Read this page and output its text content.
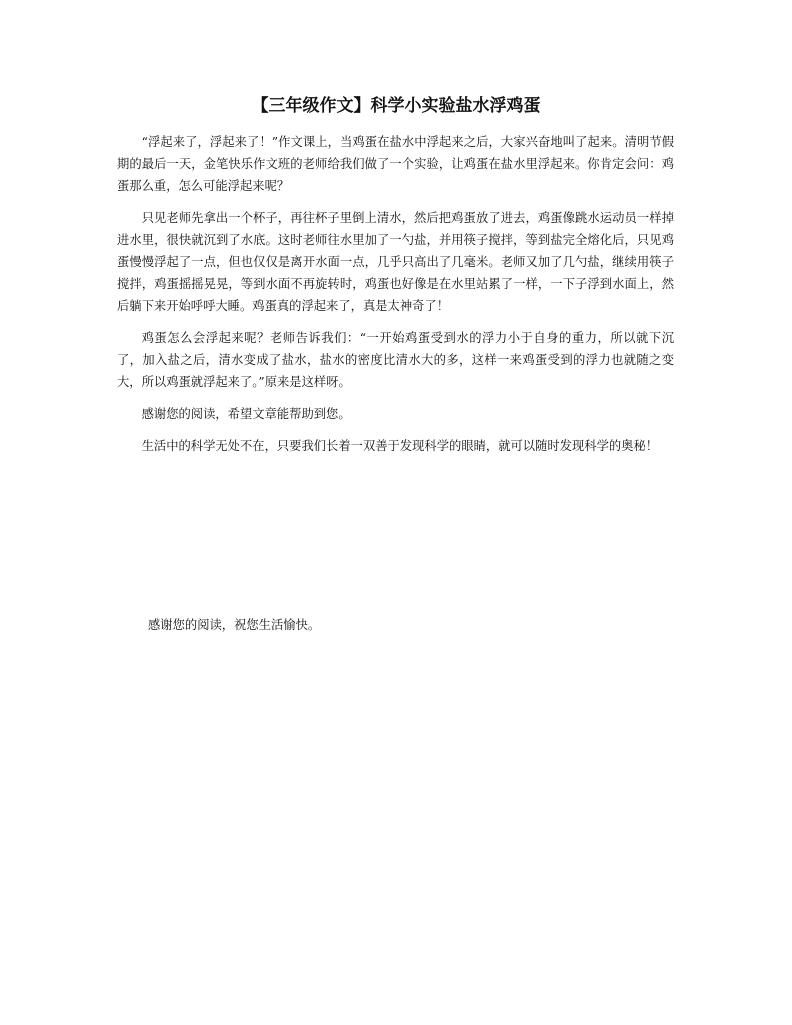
【三年级作文】科学小实验盐水浮鸡蛋

“浮起来了，浮起来了！”作文课上，当鸡蛋在盐水中浮起来之后，大家兴奋地叫了起来。清明节假期的最后一天，金笔快乐作文班的老师给我们做了一个实验，让鸡蛋在盐水里浮起来。你肯定会问：鸡蛋那么重，怎么可能浮起来呢？

只见老师先拿出一个杯子，再往杯子里倒上清水，然后把鸡蛋放了进去，鸡蛋像跳水运动员一样掉进水里，很快就沉到了水底。这时老师往水里加了一勺盐，并用筷子搅拌，等到盐完全熔化后，只见鸡蛋慢慢浮起了一点，但也仅仅是离开水面一点，几乎只高出了几毫米。老师又加了几勺盐，继续用筷子搅拌，鸡蛋摇摇晃晃，等到水面不再旋转时，鸡蛋也好像是在水里站累了一样，一下子浮到水面上，然后躺下来开始呼呼大睡。鸡蛋真的浮起来了，真是太神奇了！

鸡蛋怎么会浮起来呢？老师告诉我们：“一开始鸡蛋受到水的浮力小于自身的重力，所以就下沉了，加入盐之后，清水变成了盐水，盐水的密度比清水大的多，这样一来鸡蛋受到的浮力也就随之变大，所以鸡蛋就浮起来了。”原来是这样呀。

感谢您的阅读，希望文章能帮助到您。

生活中的科学无处不在，只要我们长着一双善于发现科学的眼睛，就可以随时发现科学的奥秘！

感谢您的阅读，祝您生活愉快。
